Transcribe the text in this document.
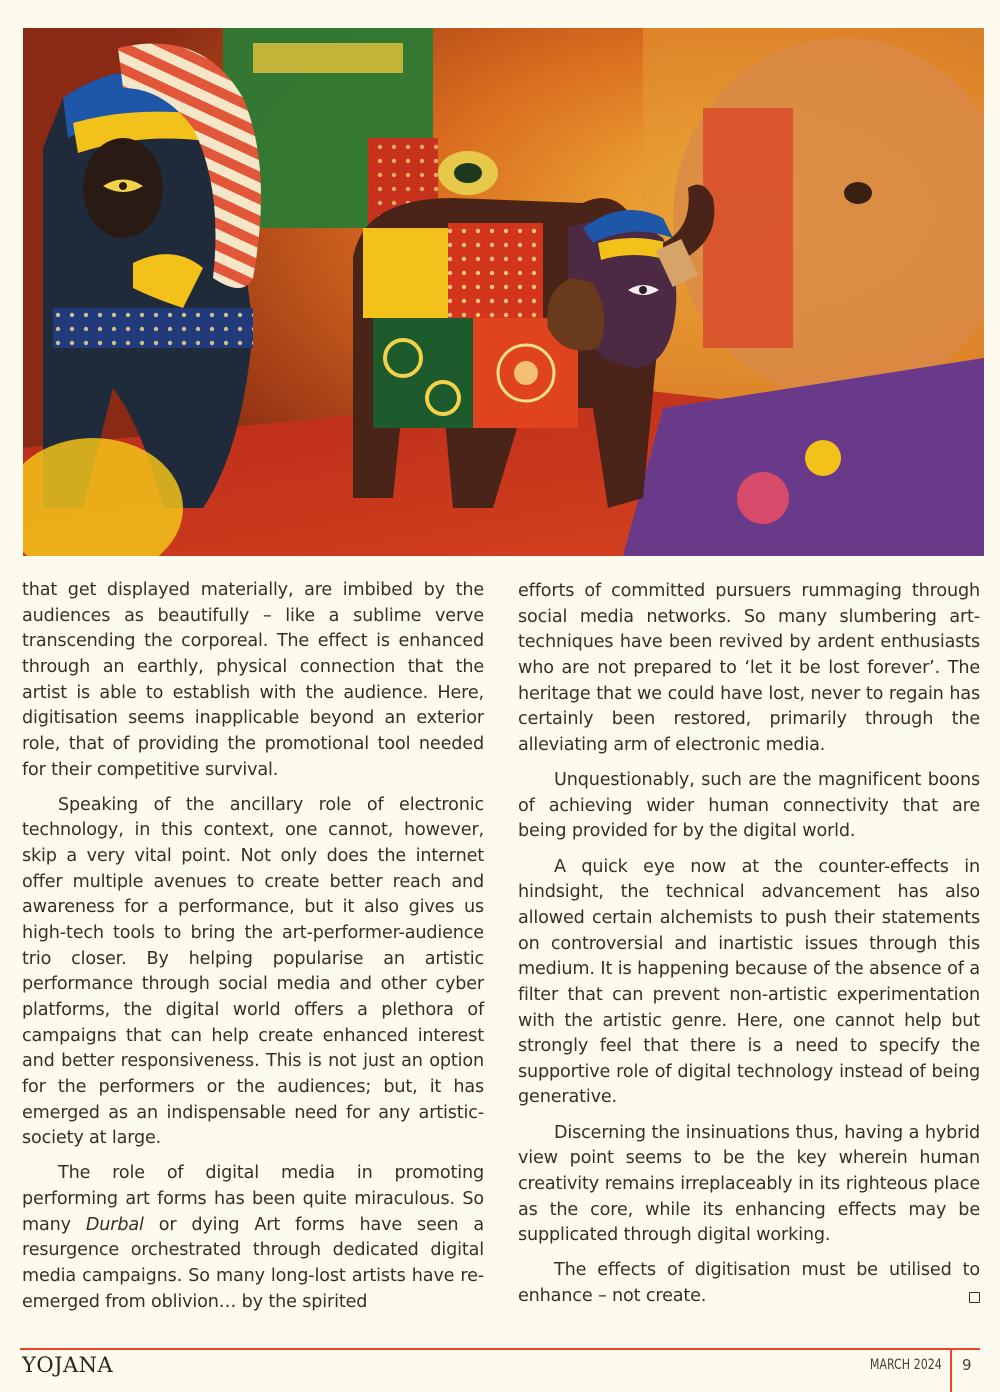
that get displayed materially, are imbibed by the audiences as beautifully – like a sublime verve transcending the corporeal. The effect is enhanced through an earthly, physical connection that the artist is able to establish with the audience. Here, digitisation seems inapplicable beyond an exterior role, that of providing the promotional tool needed for their competitive survival.

Speaking of the ancillary role of electronic technology, in this context, one cannot, however, skip a very vital point. Not only does the internet offer multiple avenues to create better reach and awareness for a performance, but it also gives us high-tech tools to bring the art-performer-audience trio closer. By helping popularise an artistic performance through social media and other cyber platforms, the digital world offers a plethora of campaigns that can help create enhanced interest and better responsiveness. This is not just an option for the performers or the audiences; but, it has emerged as an indispensable need for any artistic-society at large.

The role of digital media in promoting performing art forms has been quite miraculous. So many Durbal or dying Art forms have seen a resurgence orchestrated through dedicated digital media campaigns. So many long-lost artists have re-emerged from oblivion… by the spirited

efforts of committed pursuers rummaging through social media networks. So many slumbering art-techniques have been revived by ardent enthusiasts who are not prepared to ‘let it be lost forever’. The heritage that we could have lost, never to regain has certainly been restored, primarily through the alleviating arm of electronic media.

Unquestionably, such are the magnificent boons of achieving wider human connectivity that are being provided for by the digital world.

A quick eye now at the counter-effects in hindsight, the technical advancement has also allowed certain alchemists to push their statements on controversial and inartistic issues through this medium. It is happening because of the absence of a filter that can prevent non-artistic experimentation with the artistic genre. Here, one cannot help but strongly feel that there is a need to specify the supportive role of digital technology instead of being generative.

Discerning the insinuations thus, having a hybrid view point seems to be the key wherein human creativity remains irreplaceably in its righteous place as the core, while its enhancing effects may be supplicated through digital working.

The effects of digitisation must be utilised to enhance – not create.

YOJANA	MARCH 2024 9
